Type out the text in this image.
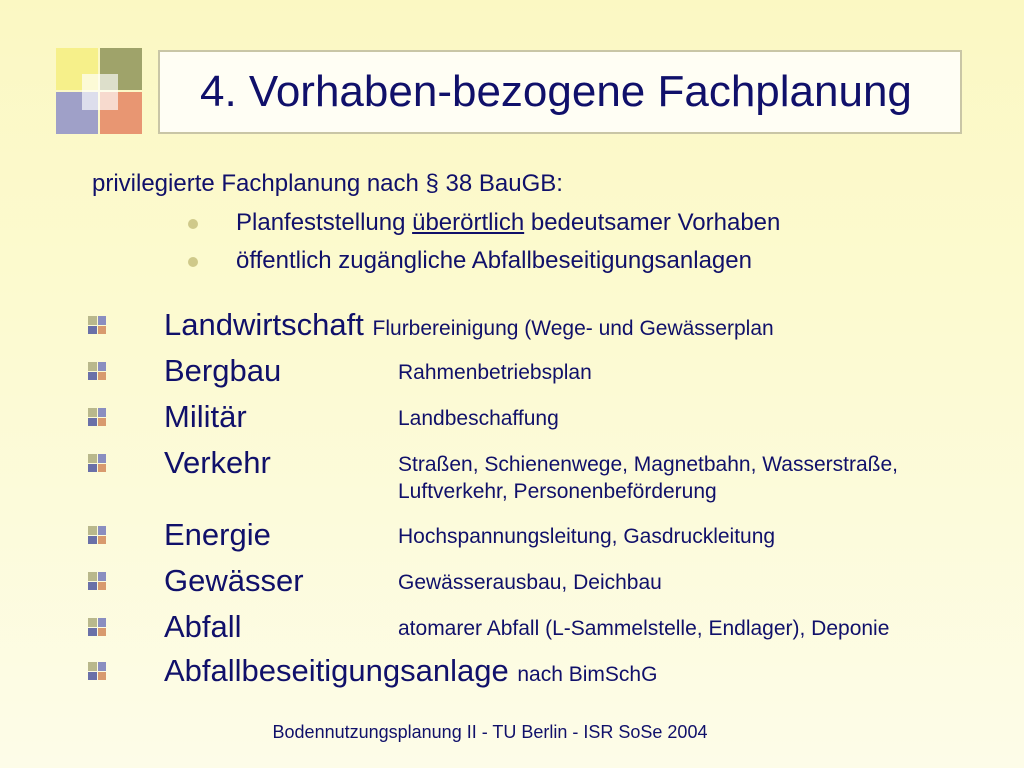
4. Vorhaben-bezogene Fachplanung
privilegierte Fachplanung nach § 38 BauGB:
Planfeststellung überörtlich bedeutsamer Vorhaben
öffentlich zugängliche Abfallbeseitigungsanlagen
Landwirtschaft Flurbereinigung (Wege- und Gewässerplan
Bergbau	Rahmenbetriebsplan
Militär	Landbeschaffung
Verkehr	Straßen, Schienenwege, Magnetbahn, Wasserstraße,
Luftverkehr, Personenbeförderung
Energie	Hochspannungsleitung, Gasdruckleitung
Gewässer	Gewässerausbau, Deichbau
Abfall	atomarer Abfall (L-Sammelstelle, Endlager), Deponie
Abfallbeseitigungsanlage nach BimSchG
Bodennutzungsplanung II - TU Berlin - ISR SoSe 2004
